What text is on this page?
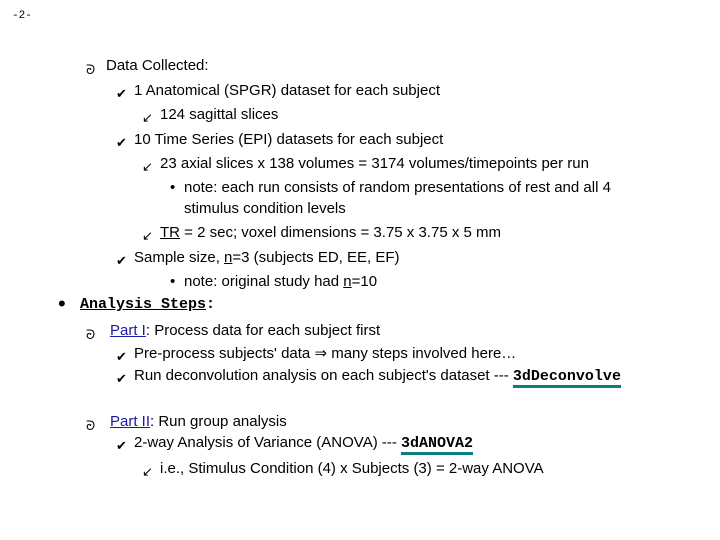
-2-
ᘒ Data Collected:
✔︎ 1 Anatomical (SPGR) dataset for each subject
↙︎ 124 sagittal slices
✔︎ 10 Time Series (EPI) datasets for each subject
↙︎ 23 axial slices x 138 volumes = 3174 volumes/timepoints per run
• note: each run consists of random presentations of rest and all 4
stimulus condition levels
↙︎ TR = 2 sec; voxel dimensions = 3.75 x 3.75 x 5 mm
✔︎ Sample size, n=3 (subjects ED, EE, EF)
• note: original study had n=10
• Analysis Steps:
ᘒ Part I: Process data for each subject first
✔︎ Pre-process subjects' data ⇒ many steps involved here…
✔︎ Run deconvolution analysis on each subject's dataset --- 3dDeconvolve
ᘒ Part II: Run group analysis
✔︎ 2-way Analysis of Variance (ANOVA) --- 3dANOVA2
↙︎ i.e., Stimulus Condition (4) x Subjects (3) = 2-way ANOVA
